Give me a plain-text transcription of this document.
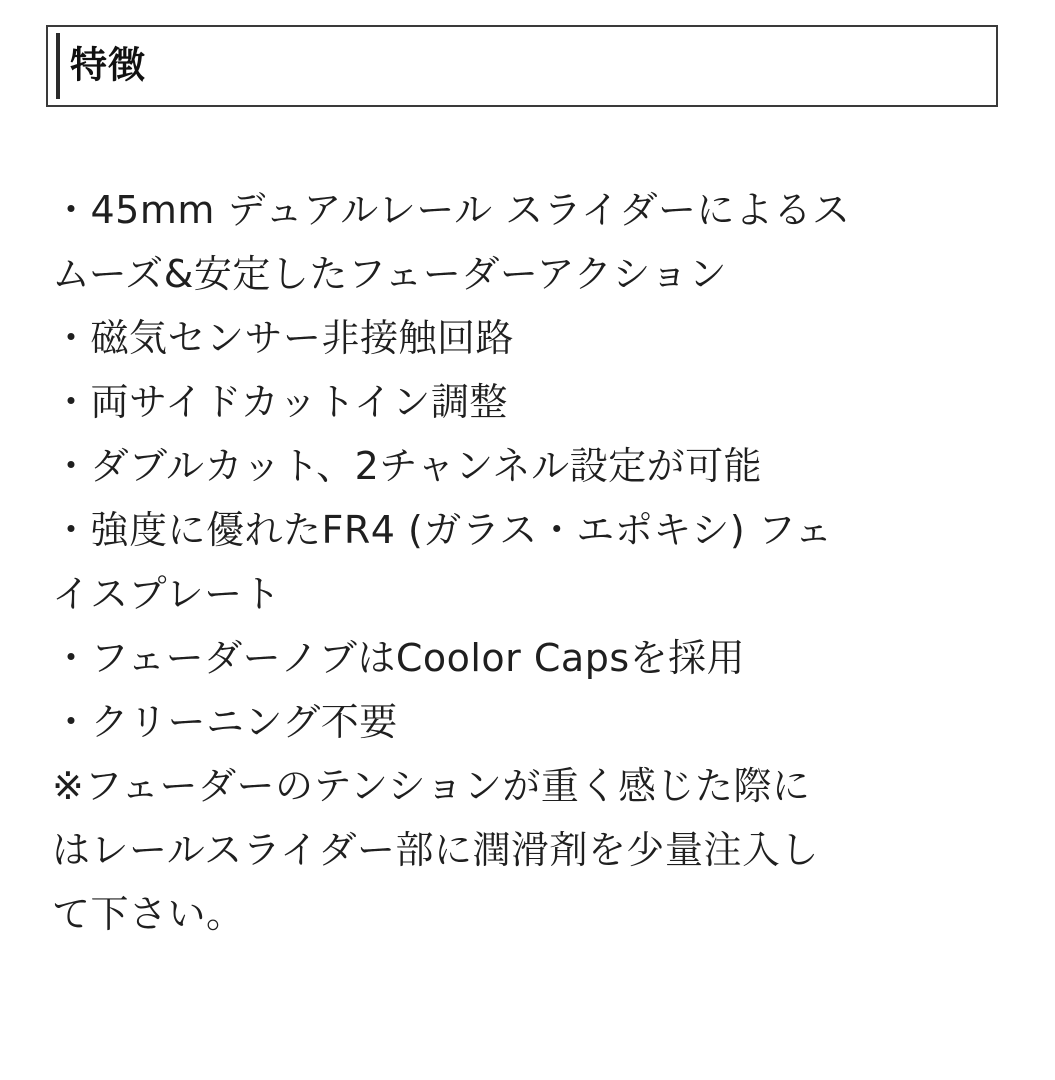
特徴
・45mm デュアルレール スライダーによるス
ムーズ&安定したフェーダーアクション
・磁気センサー非接触回路
・両サイドカットイン調整
・ダブルカット、2チャンネル設定が可能
・強度に優れたFR4 (ガラス・エポキシ) フェ
イスプレート
・フェーダーノブはCoolor Capsを採用
・クリーニング不要
※フェーダーのテンションが重く感じた際に
はレールスライダー部に潤滑剤を少量注入し
て下さい。
